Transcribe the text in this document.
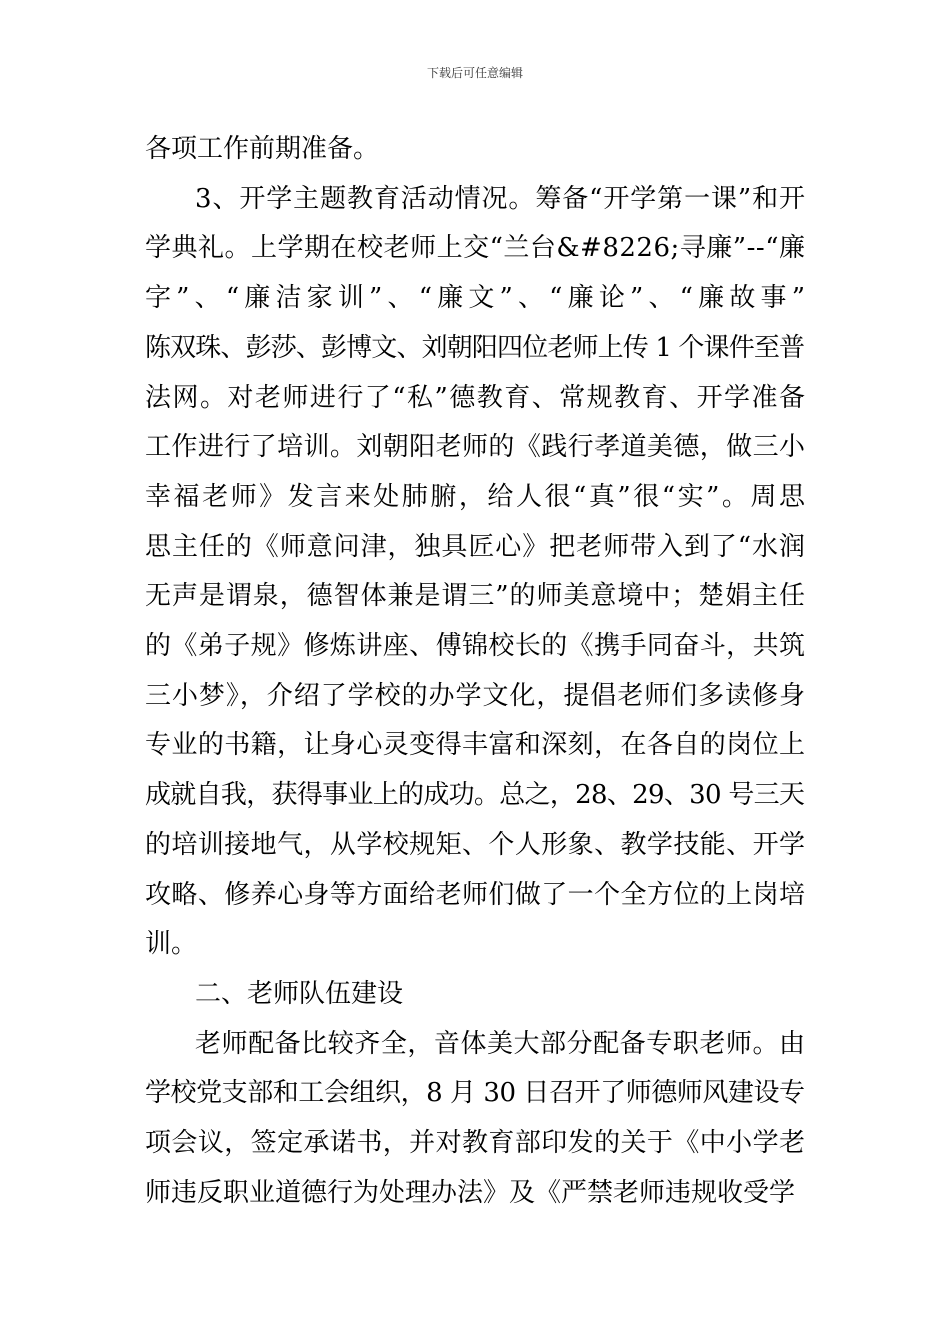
下载后可任意编辑

各项工作前期准备。

3、开学主题教育活动情况。筹备“开学第一课”和开

学典礼。上学期在校老师上交“兰台&#8226;寻廉”--“廉

字”、“廉洁家训”、“廉文”、“廉论”、“廉故事”

陈双珠、彭莎、彭博文、刘朝阳四位老师上传 1 个课件至普

法网。对老师进行了“私”德教育、常规教育、开学准备

工作进行了培训。刘朝阳老师的《践行孝道美德，做三小

幸福老师》发言来处肺腑，给人很“真”很“实”。周思

思主任的《师意问津，独具匠心》把老师带入到了“水润

无声是谓泉，德智体兼是谓三”的师美意境中；楚娟主任

的《弟子规》修炼讲座、傅锦校长的《携手同奋斗，共筑

三小梦》，介绍了学校的办学文化，提倡老师们多读修身

专业的书籍，让身心灵变得丰富和深刻，在各自的岗位上

成就自我，获得事业上的成功。总之，28、29、30 号三天

的培训接地气，从学校规矩、个人形象、教学技能、开学

攻略、修养心身等方面给老师们做了一个全方位的上岗培

训。

二、老师队伍建设

老师配备比较齐全，音体美大部分配备专职老师。由

学校党支部和工会组织，8 月 30 日召开了师德师风建设专

项会议，签定承诺书，并对教育部印发的关于《中小学老

师违反职业道德行为处理办法》及《严禁老师违规收受学
